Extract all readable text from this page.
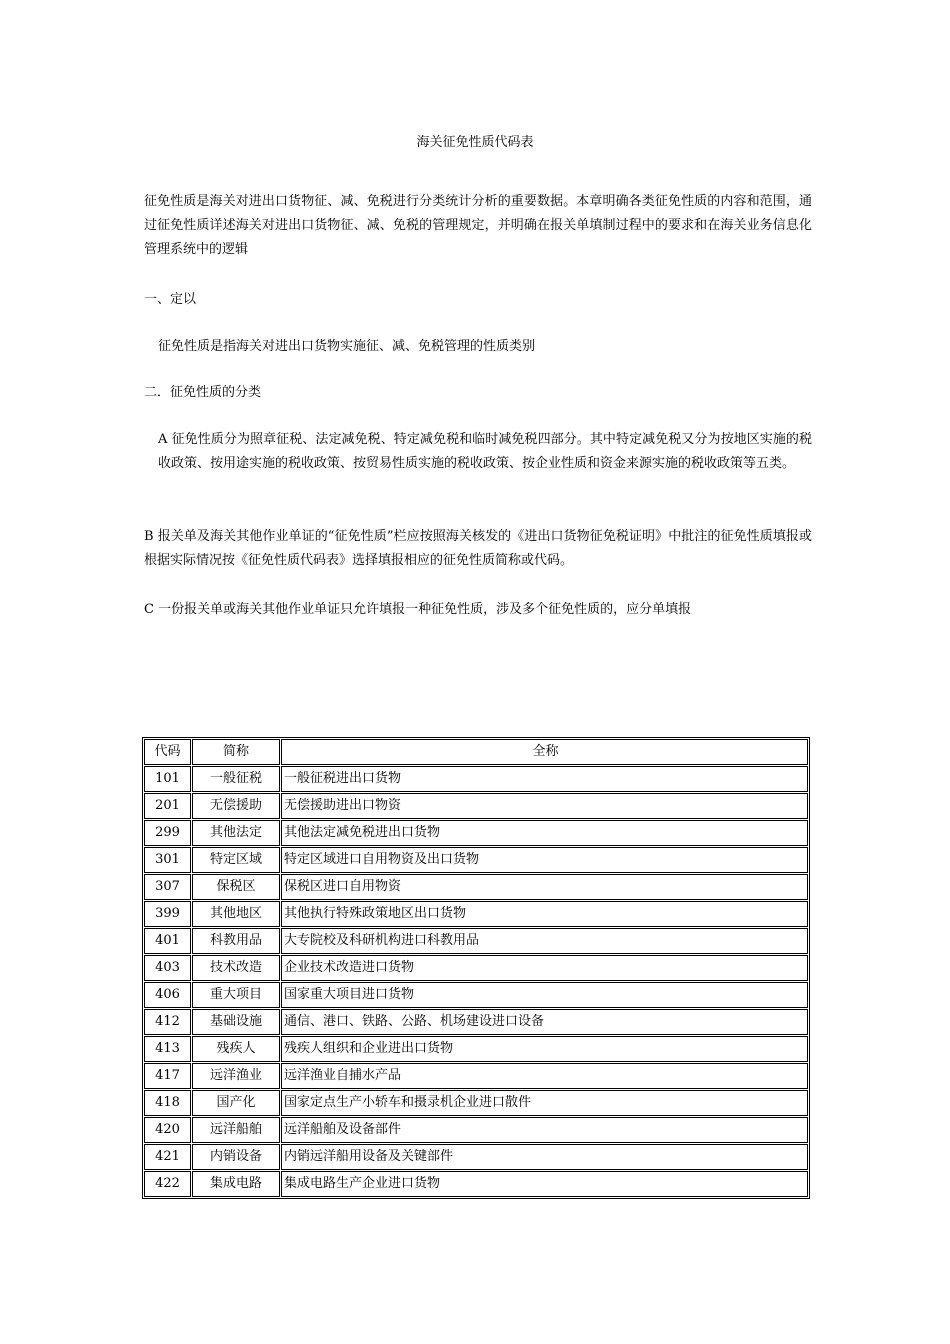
海关征免性质代码表

征免性质是海关对进出口货物征、减、免税进行分类统计分析的重要数据。本章明确各类征免性质的内容和范围，通过征免性质详述海关对进出口货物征、减、免税的管理规定，并明确在报关单填制过程中的要求和在海关业务信息化管理系统中的逻辑

一、定以

征免性质是指海关对进出口货物实施征、减、免税管理的性质类别

二．征免性质的分类

A 征免性质分为照章征税、法定减免税、特定减免税和临时减免税四部分。其中特定减免税又分为按地区实施的税收政策、按用途实施的税收政策、按贸易性质实施的税收政策、按企业性质和资金来源实施的税收政策等五类。

B 报关单及海关其他作业单证的“征免性质”栏应按照海关核发的《进出口货物征免税证明》中批注的征免性质填报或根据实际情况按《征免性质代码表》选择填报相应的征免性质简称或代码。

C 一份报关单或海关其他作业单证只允许填报一种征免性质，涉及多个征免性质的，应分单填报

代码	简称	全称
101	一般征税	一般征税进出口货物
201	无偿援助	无偿援助进出口物资
299	其他法定	其他法定减免税进出口货物
301	特定区域	特定区域进口自用物资及出口货物
307	保税区	保税区进口自用物资
399	其他地区	其他执行特殊政策地区出口货物
401	科教用品	大专院校及科研机构进口科教用品
403	技术改造	企业技术改造进口货物
406	重大项目	国家重大项目进口货物
412	基础设施	通信、港口、铁路、公路、机场建设进口设备
413	残疾人	残疾人组织和企业进出口货物
417	远洋渔业	远洋渔业自捕水产品
418	国产化	国家定点生产小轿车和摄录机企业进口散件
420	远洋船舶	远洋船舶及设备部件
421	内销设备	内销远洋船用设备及关键部件
422	集成电路	集成电路生产企业进口货物
